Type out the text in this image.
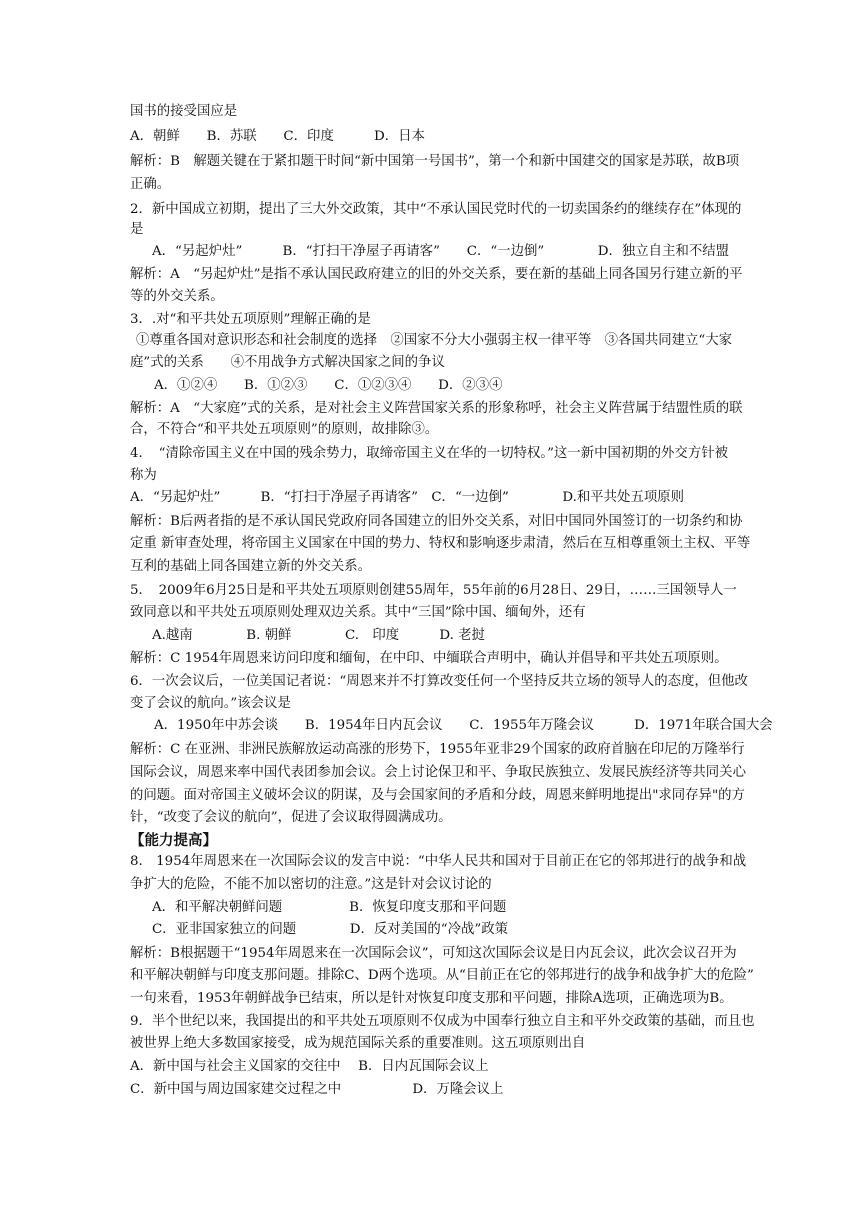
国书的接受国应是
A．朝鲜　　B．苏联　　C．印度　　　D．日本
解析：B　解题关键在于紧扣题干时间“新中国第一号国书”，第一个和新中国建交的国家是苏联，故B项
正确。
2．新中国成立初期，提出了三大外交政策，其中“不承认国民党时代的一切卖国条约的继续存在”体现的
是
A．“另起炉灶”　　　B．“打扫干净屋子再请客”　　C．“一边倒”　　　　D．独立自主和不结盟
解析：A　“另起炉灶”是指不承认国民政府建立的旧的外交关系，要在新的基础上同各国另行建立新的平
等的外交关系。
3．.对“和平共处五项原则”理解正确的是
①尊重各国对意识形态和社会制度的选择　②国家不分大小强弱主权一律平等　③各国共同建立“大家
庭”式的关系　　④不用战争方式解决国家之间的争议
A．①②④　　B．①②③　　C．①②③④　　D．②③④
解析：A　“大家庭”式的关系，是对社会主义阵营国家关系的形象称呼，社会主义阵营属于结盟性质的联
合，不符合“和平共处五项原则”的原则，故排除③。
4．　“清除帝国主义在中国的残余势力，取缔帝国主义在华的一切特权。”这一新中国初期的外交方针被
称为
A．“另起炉灶”　　　B．“打扫于净屋子再请客”　C．“一边倒”　　　　D.和平共处五项原则
解析：B后两者指的是不承认国民党政府同各国建立的旧外交关系，对旧中国同外国签订的一切条约和协
定重 新审查处理，将帝国主义国家在中国的势力、特权和影响逐步肃清，然后在互相尊重领土主权、平等
互利的基础上同各国建立新的外交关系。
5．　2009年6月25日是和平共处五项原则创建55周年，55年前的6月28日、29日，……三国领导人一
致同意以和平共处五项原则处理双边关系。其中“三国”除中国、缅甸外，还有
A.越南　　　　B. 朝鲜　　　　C.　印度　　　D. 老挝
解析：C 1954年周恩来访问印度和缅甸，在中印、中缅联合声明中，确认并倡导和平共处五项原则。
6．一次会议后，一位美国记者说：“周恩来并不打算改变任何一个坚持反共立场的领导人的态度，但他改
变了会议的航向。”该会议是
A．1950年中苏会谈　　B．1954年日内瓦会议　　C．1955年万隆会议　　　D．1971年联合国大会
解析：C 在亚洲、非洲民族解放运动高涨的形势下，1955年亚非29个国家的政府首脑在印尼的万隆举行
国际会议，周恩来率中国代表团参加会议。会上讨论保卫和平、争取民族独立、发展民族经济等共同关心
的问题。面对帝国主义破坏会议的阴谋，及与会国家间的矛盾和分歧，周恩来鲜明地提出"求同存异"的方
针，“改变了会议的航向”，促进了会议取得圆满成功。
【能力提高】
8.　1954年周恩来在一次国际会议的发言中说：“中华人民共和国对于目前正在它的邻邦进行的战争和战
争扩大的危险，不能不加以密切的注意。”这是针对会议讨论的
A．和平解决朝鲜问题　　　　　B．恢复印度支那和平问题
C．亚非国家独立的问题　　　　D．反对美国的“冷战”政策
解析：B根据题干“1954年周恩来在一次国际会议”，可知这次国际会议是日内瓦会议，此次会议召开为
和平解决朝鲜与印度支那问题。排除C、D两个选项。从“目前正在它的邻邦进行的战争和战争扩大的危险”
一句来看，1953年朝鲜战争已结束，所以是针对恢复印度支那和平问题，排除A选项，正确选项为B。
9．半个世纪以来，我国提出的和平共处五项原则不仅成为中国奉行独立自主和平外交政策的基础，而且也
被世界上绝大多数国家接受，成为规范国际关系的重要准则。这五项原则出自
A．新中国与社会主义国家的交往中　 B．日内瓦国际会议上
C．新中国与周边国家建交过程之中　　　　　 D．万隆会议上
